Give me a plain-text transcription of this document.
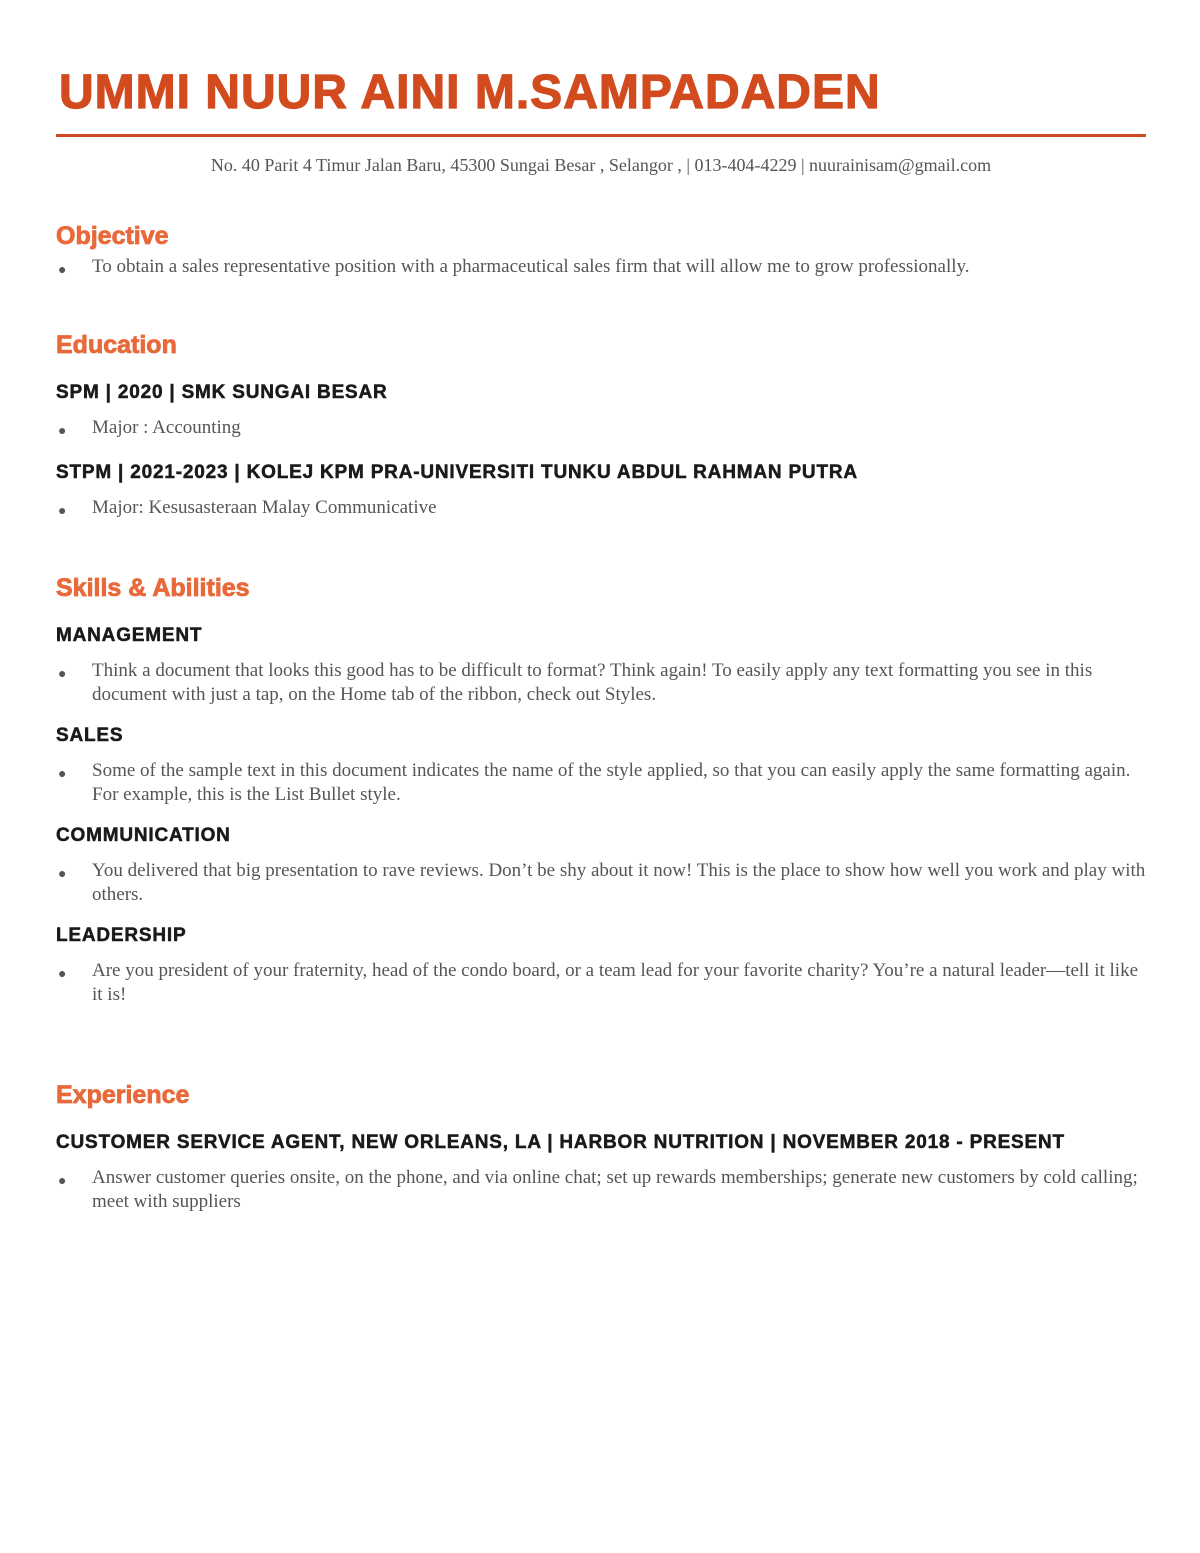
UMMI NUUR AINI M.SAMPADADEN
No. 40 Parit 4 Timur Jalan Baru, 45300 Sungai Besar , Selangor , | 013-404-4229 | nuurainisam@gmail.com
Objective
● To obtain a sales representative position with a pharmaceutical sales firm that will allow me to grow professionally.
Education
SPM | 2020 | SMK SUNGAI BESAR
● Major : Accounting
STPM | 2021-2023 | KOLEJ KPM PRA-UNIVERSITI TUNKU ABDUL RAHMAN PUTRA
● Major: Kesusasteraan Malay Communicative
Skills & Abilities
MANAGEMENT
● Think a document that looks this good has to be difficult to format? Think again! To easily apply any text formatting you see in this document with just a tap, on the Home tab of the ribbon, check out Styles.
SALES
● Some of the sample text in this document indicates the name of the style applied, so that you can easily apply the same formatting again. For example, this is the List Bullet style.
COMMUNICATION
● You delivered that big presentation to rave reviews. Don’t be shy about it now! This is the place to show how well you work and play with others.
LEADERSHIP
● Are you president of your fraternity, head of the condo board, or a team lead for your favorite charity? You’re a natural leader—tell it like it is!
Experience
CUSTOMER SERVICE AGENT, NEW ORLEANS, LA | HARBOR NUTRITION | NOVEMBER 2018 - PRESENT
● Answer customer queries onsite, on the phone, and via online chat; set up rewards memberships; generate new customers by cold calling; meet with suppliers
